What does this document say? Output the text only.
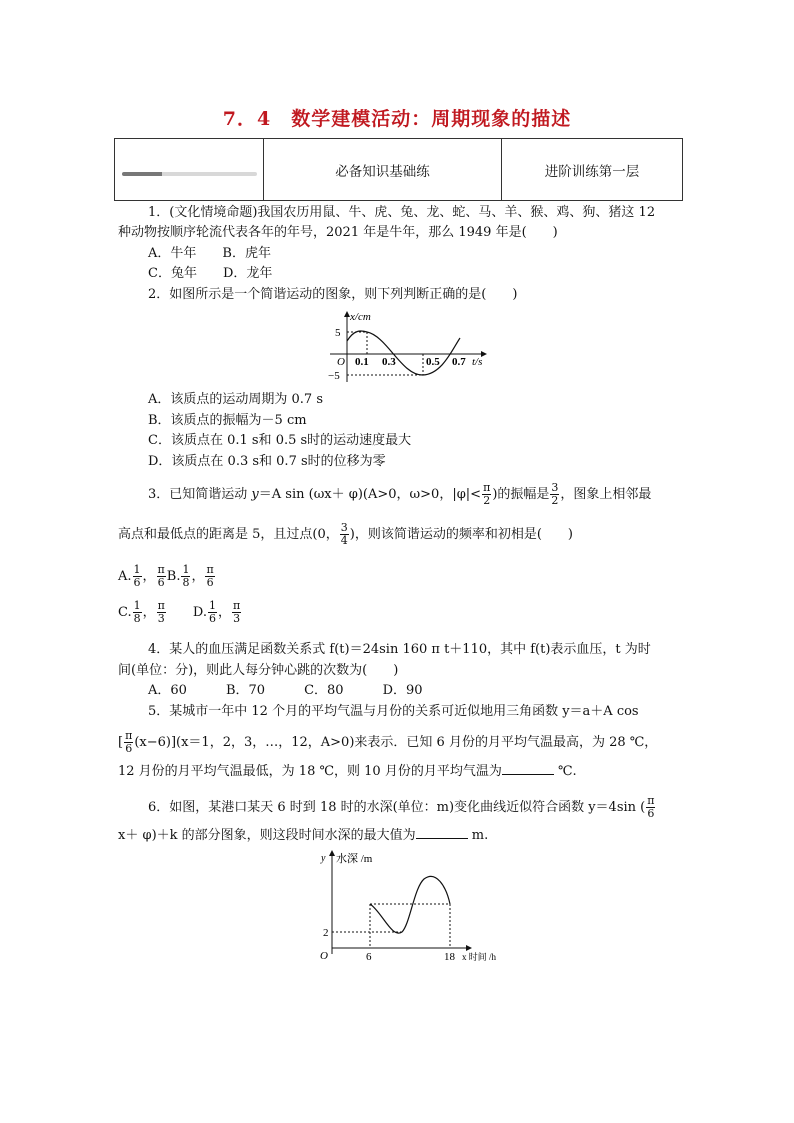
7．4　数学建模活动：周期现象的描述
	必备知识基础练	进阶训练第一层
1．(文化情境命题)我国农历用鼠、牛、虎、兔、龙、蛇、马、羊、猴、鸡、狗、猪这 12
种动物按顺序轮流代表各年的年号，2021 年是牛年，那么 1949 年是(　　)
A．牛年　　 B．虎年
C．兔年　　 D．龙年
2．如图所示是一个简谐运动的图象，则下列判断正确的是(　　)
x/cm
5
−5
O 0.1 0.3	0.5 0.7 t/s
A．该质点的运动周期为 0.7 s
B．该质点的振幅为－5 cm
C．该质点在 0.1 s和 0.5 s时的运动速度最大
D．该质点在 0.3 s和 0.7 s时的位移为零
3．已知简谐运动 y＝A sin (ωx＋ φ)(A>0，ω>0，$|\varphi|< \frac{\pi}{2}$ )的振幅是 $\frac{3}{2}$ ，图象上相邻最
高点和最低点的距离是 5，且过点(0， $\frac{3}{4}$ )，则该简谐运动的频率和初相是(　　)
A. $\frac{1}{6}$ ， $\frac{\pi}{6} B$. $\frac{1}{8}$ ， $\frac{\pi}{6}$
C. $\frac{1}{8}$ ， $\frac{\pi}{3}$
　　 D. $\frac{1}{6}$ ， $\frac{\pi}{3}$
4．某人的血压满足函数关系式 f(t)＝24sin 160 π t＋110，其中 f(t)表示血压，t 为时
间(单位：分)，则此人每分钟心跳的次数为(　　)
A．60　　　	B．70　　　	C．80　　　	D．90
5．某城市一年中 12 个月的平均气温与月份的关系可近似地用三角函数 y＝a＋A cos
[ $\frac{\pi}{6} (x-6)](x=1$，2，3，…，12，A>0)来表示．已知 6 月份的月平均气温最高，为 28 ℃，
12 月份的月平均气温最低，为 18 ℃，则 10 月份的月平均气温为	℃.
6．如图，某港口某天 6 时到 18 时的水深(单位：m)变化曲线近似符合函数 y＝4sin ( $\frac{\pi}{6}$
x＋ φ)＋k 的部分图象，则这段时间水深的最大值为	m.
y 水深 /m
2
O	6	18 x 时间 /h
